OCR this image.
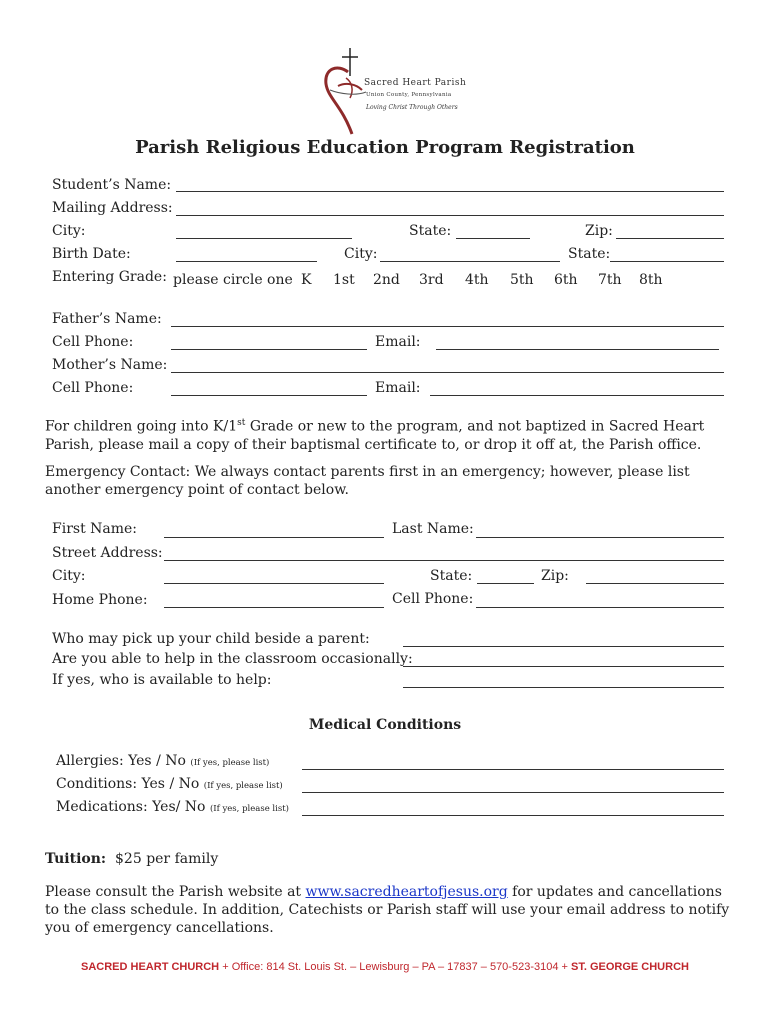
Sacred Heart Parish
Union County, Pennsylvania
Loving Christ Through Others
Parish Religious Education Program Registration
Student’s Name:
Mailing Address:
City:	State:	Zip:
Birth Date:	City:	State:
Entering Grade: please circle one K 1st 2nd 3rd 4th 5th 6th 7th 8th
Father’s Name:
Cell Phone:	Email:
Mother’s Name:
Cell Phone:	Email:
For children going into K/1st Grade or new to the program, and not baptized in Sacred Heart Parish, please mail a copy of their baptismal certificate to, or drop it off at, the Parish office.
Emergency Contact: We always contact parents first in an emergency; however, please list another emergency point of contact below.
First Name:	Last Name:
Street Address:
City:	State:	Zip:
Home Phone:	Cell Phone:
Who may pick up your child beside a parent:
Are you able to help in the classroom occasionally:
If yes, who is available to help:
Medical Conditions
Allergies: Yes / No (If yes, please list)
Conditions: Yes / No (If yes, please list)
Medications: Yes/ No (If yes, please list)
Tuition: $25 per family
Please consult the Parish website at www.sacredheartofjesus.org for updates and cancellations to the class schedule. In addition, Catechists or Parish staff will use your email address to notify you of emergency cancellations.
SACRED HEART CHURCH + Office: 814 St. Louis St. – Lewisburg – PA – 17837 – 570-523-3104 + ST. GEORGE CHURCH
